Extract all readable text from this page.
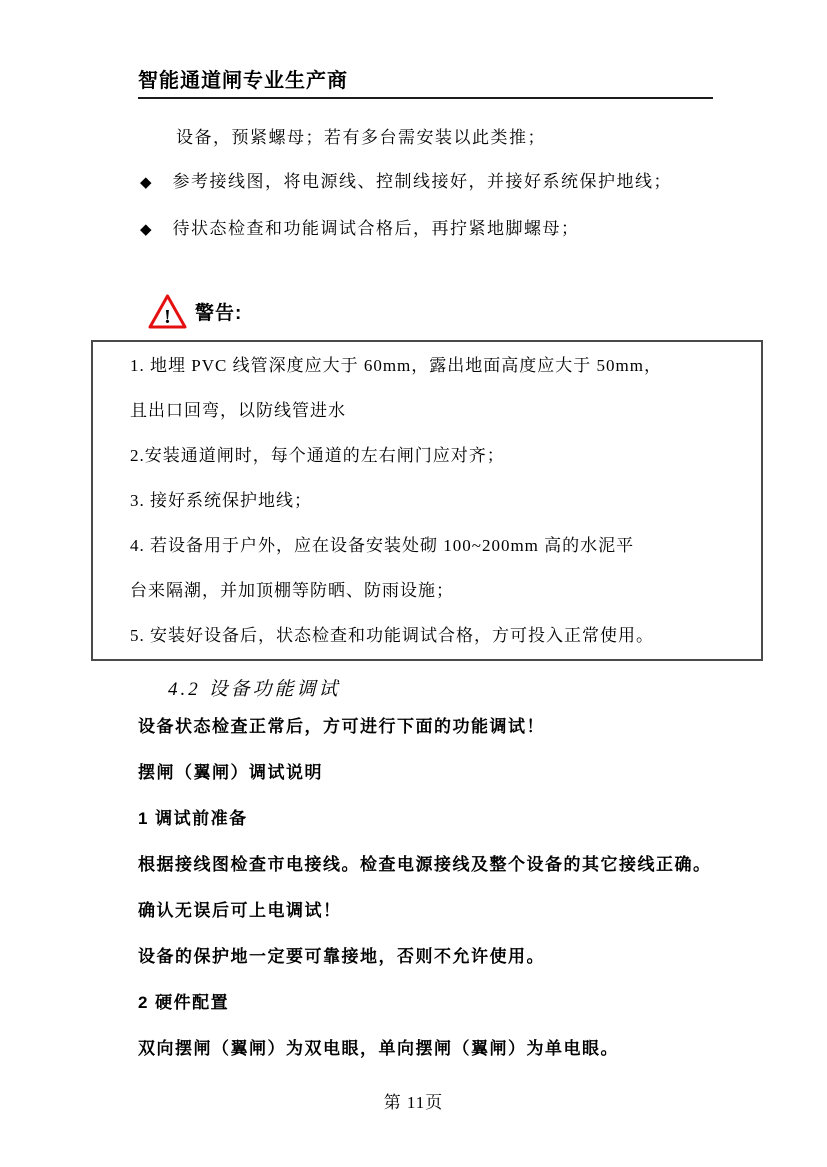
智能通道闸专业生产商
设备，预紧螺母；若有多台需安装以此类推；
◆ 参考接线图，将电源线、控制线接好，并接好系统保护地线；
◆ 待状态检查和功能调试合格后，再拧紧地脚螺母；
! 警告:

1. 地埋 PVC 线管深度应大于 60mm，露出地面高度应大于 50mm，

且出口回弯，以防线管进水

2.安装通道闸时，每个通道的左右闸门应对齐；

3. 接好系统保护地线；

4. 若设备用于户外，应在设备安装处砌 100~200mm 高的水泥平

台来隔潮，并加顶棚等防晒、防雨设施；

5. 安装好设备后，状态检查和功能调试合格，方可投入正常使用。

4.2 设备功能调试

设备状态检查正常后，方可进行下面的功能调试！

摆闸（翼闸）调试说明

1 调试前准备

根据接线图检查市电接线。检查电源接线及整个设备的其它接线正确。

确认无误后可上电调试！

设备的保护地一定要可靠接地，否则不允许使用。

2 硬件配置

双向摆闸（翼闸）为双电眼，单向摆闸（翼闸）为单电眼。

第 11页
